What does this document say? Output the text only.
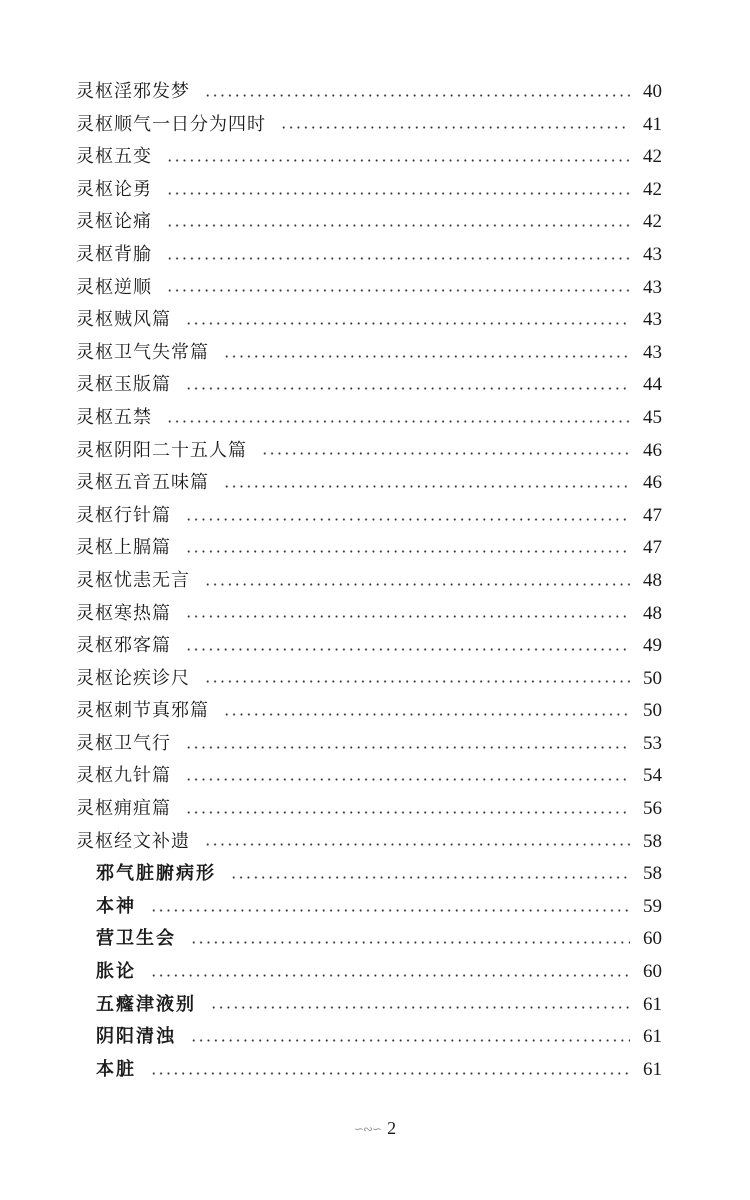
灵枢淫邪发梦	40
灵枢顺气一日分为四时	41
灵枢五变	42
灵枢论勇	42
灵枢论痛	42
灵枢背腧	43
灵枢逆顺	43
灵枢贼风篇	43
灵枢卫气失常篇	43
灵枢玉版篇	44
灵枢五禁	45
灵枢阴阳二十五人篇	46
灵枢五音五味篇	46
灵枢行针篇	47
灵枢上膈篇	47
灵枢忧恚无言	48
灵枢寒热篇	48
灵枢邪客篇	49
灵枢论疾诊尺	50
灵枢刺节真邪篇	50
灵枢卫气行	53
灵枢九针篇	54
灵枢痈疽篇	56
灵枢经文补遗	58
邪气脏腑病形	58
本神	59
营卫生会	60
胀论	60
五癃津液别	61
阴阳清浊	61
本脏	61
∽∾∽ 2
